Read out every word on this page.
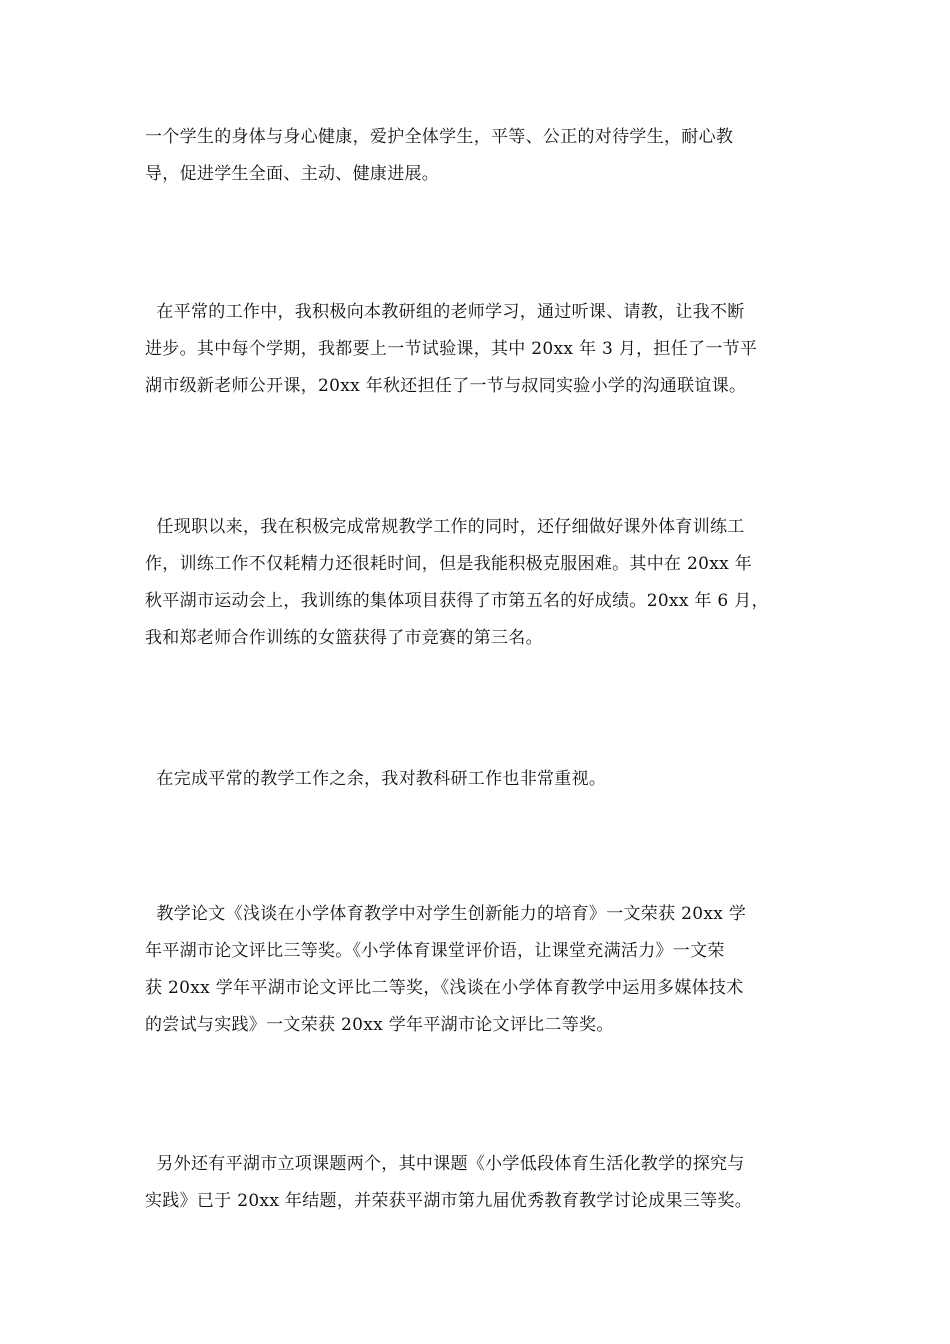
一个学生的身体与身心健康，爱护全体学生，平等、公正的对待学生，耐心教
导，促进学生全面、主动、健康进展。

在平常的工作中，我积极向本教研组的老师学习，通过听课、请教，让我不断
进步。其中每个学期，我都要上一节试验课，其中 20xx 年 3 月，担任了一节平
湖市级新老师公开课，20xx 年秋还担任了一节与叔同实验小学的沟通联谊课。

任现职以来，我在积极完成常规教学工作的同时，还仔细做好课外体育训练工
作，训练工作不仅耗精力还很耗时间，但是我能积极克服困难。其中在 20xx 年
秋平湖市运动会上，我训练的集体项目获得了市第五名的好成绩。20xx 年 6 月，
我和郑老师合作训练的女篮获得了市竞赛的第三名。

在完成平常的教学工作之余，我对教科研工作也非常重视。

教学论文《浅谈在小学体育教学中对学生创新能力的培育》一文荣获 20xx 学
年平湖市论文评比三等奖。《小学体育课堂评价语，让课堂充满活力》一文荣
获 20xx 学年平湖市论文评比二等奖，《浅谈在小学体育教学中运用多媒体技术
的尝试与实践》一文荣获 20xx 学年平湖市论文评比二等奖。

另外还有平湖市立项课题两个，其中课题《小学低段体育生活化教学的探究与
实践》已于 20xx 年结题，并荣获平湖市第九届优秀教育教学讨论成果三等奖。
